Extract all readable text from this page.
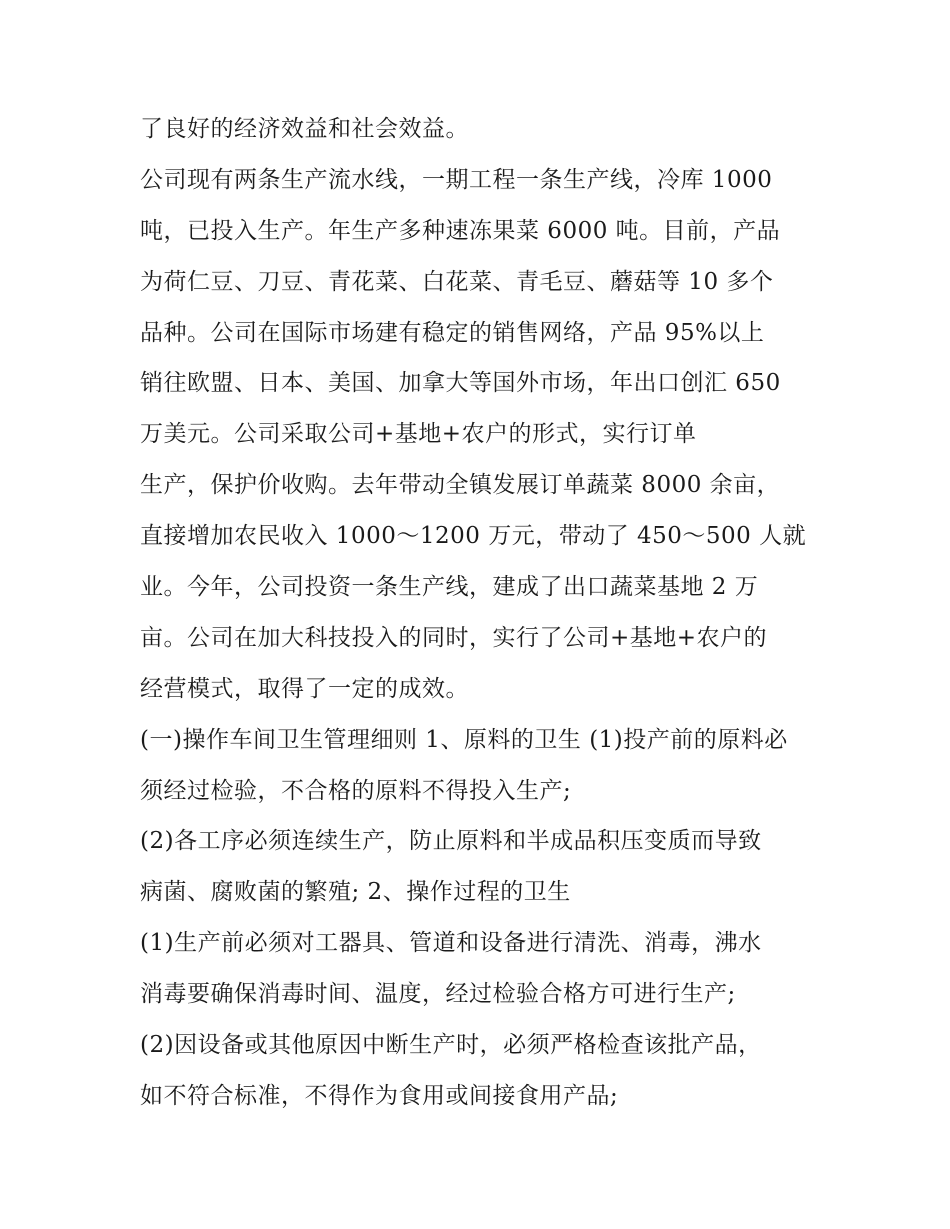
了良好的经济效益和社会效益。
公司现有两条生产流水线，一期工程一条生产线，冷库 1000
吨，已投入生产。年生产多种速冻果菜 6000 吨。目前，产品
为荷仁豆、刀豆、青花菜、白花菜、青毛豆、蘑菇等 10 多个
品种。公司在国际市场建有稳定的销售网络，产品 95%以上
销往欧盟、日本、美国、加拿大等国外市场，年出口创汇 650
万美元。公司采取公司+基地+农户的形式，实行订单
生产，保护价收购。去年带动全镇发展订单蔬菜 8000 余亩，
直接增加农民收入 1000～1200 万元，带动了 450～500 人就
业。今年，公司投资一条生产线，建成了出口蔬菜基地 2 万
亩。公司在加大科技投入的同时，实行了公司+基地+农户的
经营模式，取得了一定的成效。
(一)操作车间卫生管理细则 1、原料的卫生 (1)投产前的原料必
须经过检验，不合格的原料不得投入生产;
(2)各工序必须连续生产，防止原料和半成品积压变质而导致
病菌、腐败菌的繁殖; 2、操作过程的卫生
(1)生产前必须对工器具、管道和设备进行清洗、消毒，沸水
消毒要确保消毒时间、温度，经过检验合格方可进行生产;
(2)因设备或其他原因中断生产时，必须严格检查该批产品，
如不符合标准，不得作为食用或间接食用产品;
